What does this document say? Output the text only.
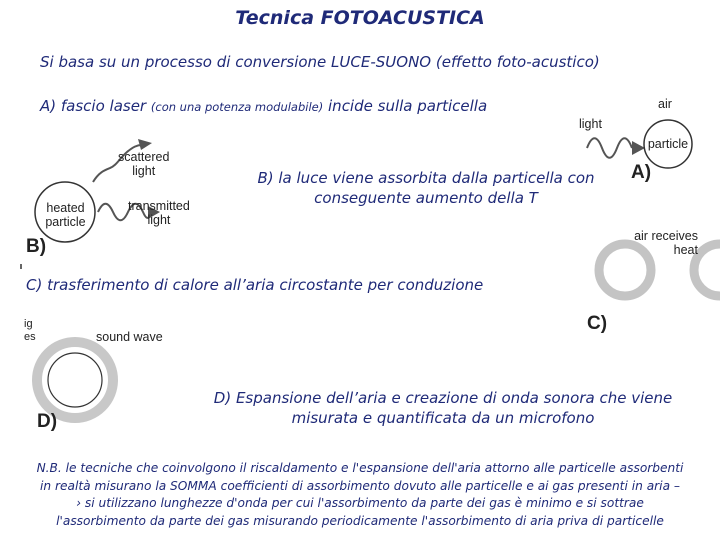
Tecnica FOTOACUSTICA
Si basa su un processo di conversione LUCE-SUONO (effetto foto-acustico)
A) fascio laser (con una potenza modulabile) incide sulla particella
B) la luce viene assorbita dalla particella con
conseguente aumento della T
C) trasferimento di calore all’aria circostante per conduzione
D) Espansione dell’aria e creazione di onda sonora che viene
misurata e quantificata da un microfono
air
light
particle
A)
scattered
light
transmitted
light
heated
particle
B)	air receives
heat
C)
ig
es	sound wave
D)
N.B. le tecniche che coinvolgono il riscaldamento e l'espansione dell'aria attorno alle particelle assorbenti
in realtà misurano la SOMMA coefficienti di assorbimento dovuto alle particelle e ai gas presenti in aria –
› si utilizzano lunghezze d'onda per cui l'assorbimento da parte dei gas è minimo e si sottrae
l'assorbimento da parte dei gas misurando periodicamente l'assorbimento di aria priva di particelle
